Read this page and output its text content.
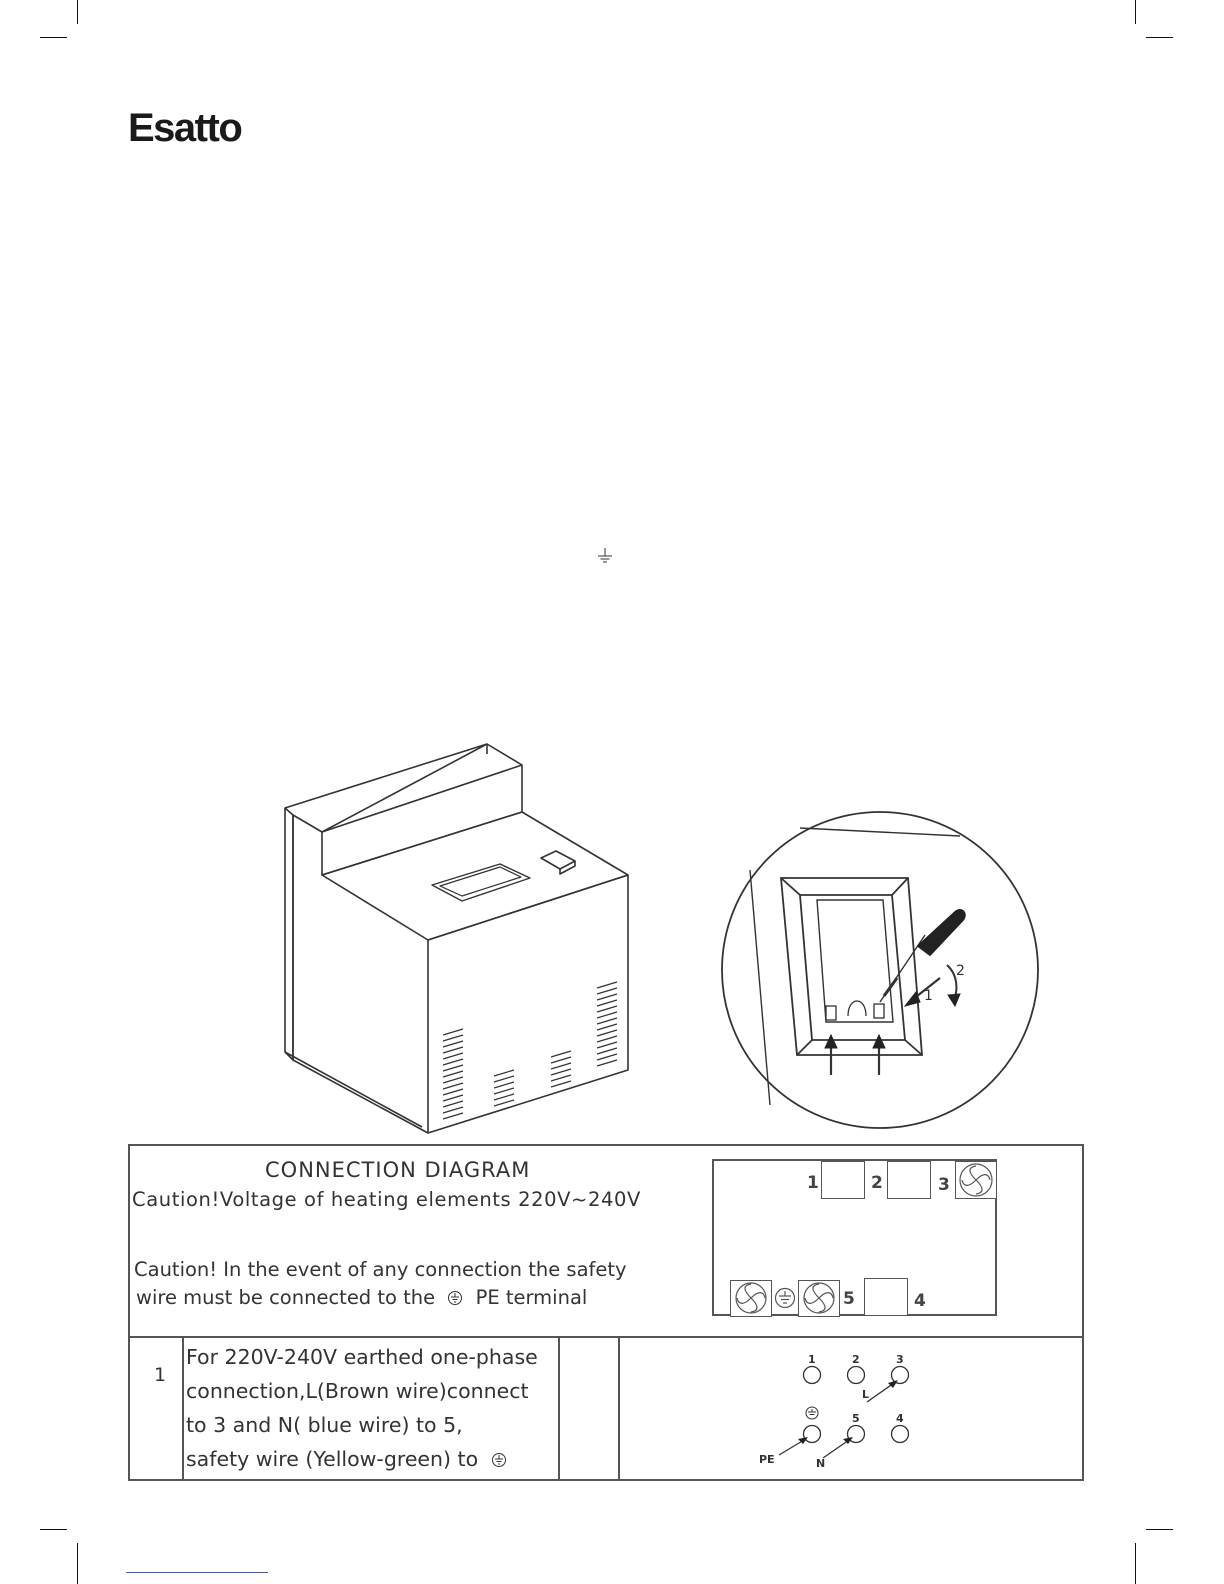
Esatto
1
2
CONNECTION DIAGRAM
Caution!Voltage of heating elements 220V~240V
Caution! In the event of any connection the safety
wire must be connected to the PE terminal
1	2	3
5	4
1
For 220V-240V earthed one-phase
connection,L(Brown wire)connect
to 3 and N( blue wire) to 5,
safety wire (Yellow-green) to
1	2	3
5	4
L
N
PE
